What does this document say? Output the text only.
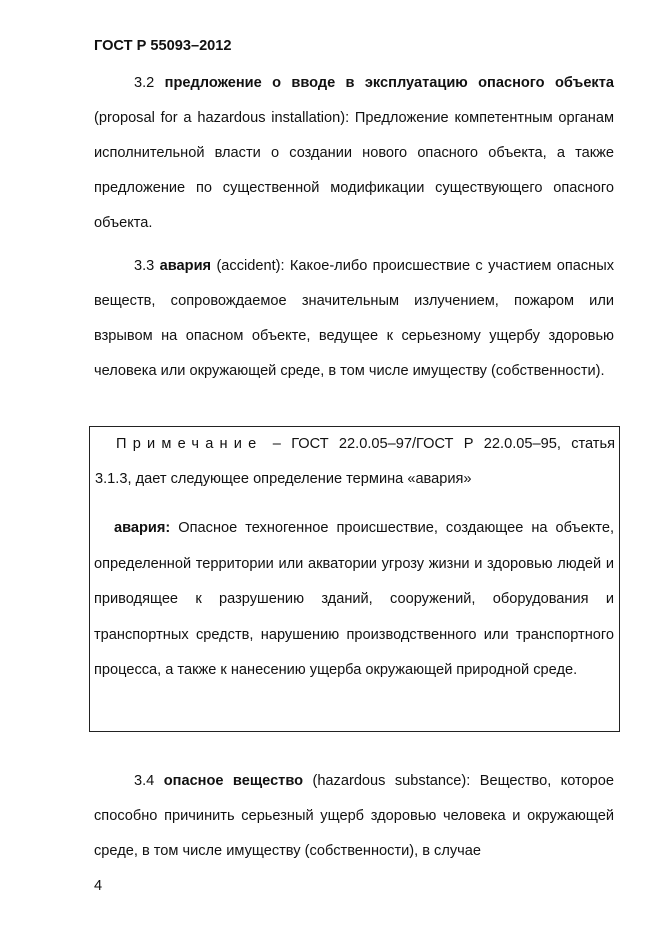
ГОСТ Р 55093–2012
3.2 предложение о вводе в эксплуатацию опасного объекта (proposal for a hazardous installation): Предложение компетентным органам исполнительной власти о создании нового опасного объекта, а также предложение по существенной модификации существующего опасного объекта.
3.3 авария (accident): Какое-либо происшествие с участием опасных веществ, сопровождаемое значительным излучением, пожаром или взрывом на опасном объекте, ведущее к серьезному ущербу здоровью человека или окружающей среде, в том числе имуществу (собственности).
Примечание – ГОСТ 22.0.05–97/ГОСТ Р 22.0.05–95, статья 3.1.3, дает следующее определение термина «авария»
авария: Опасное техногенное происшествие, создающее на объекте, определенной территории или акватории угрозу жизни и здоровью людей и приводящее к разрушению зданий, сооружений, оборудования и транспортных средств, нарушению производственного или транспортного процесса, а также к нанесению ущерба окружающей природной среде.
3.4 опасное вещество (hazardous substance): Вещество, которое способно причинить серьезный ущерб здоровью человека и окружающей среде, в том числе имуществу (собственности), в случае
4
